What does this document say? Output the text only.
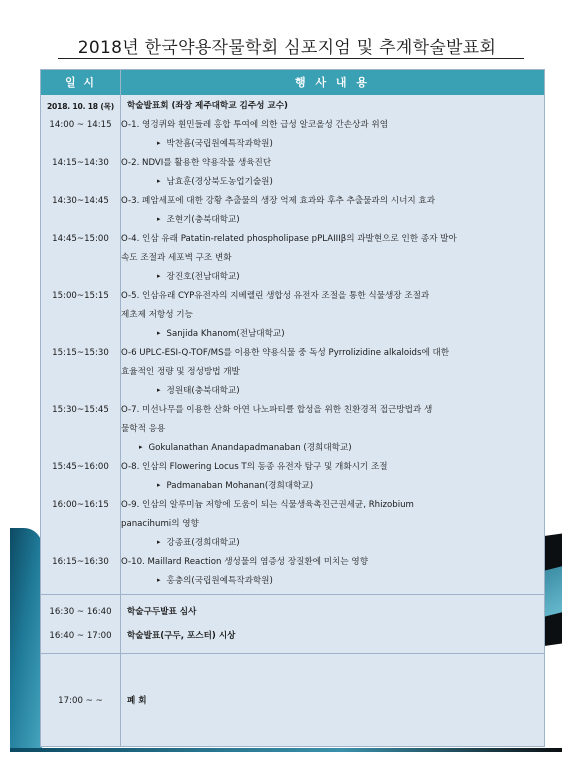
2018년 한국약용작물학회 심포지엄 및 추계학술발표회
일 시	행 사 내 용
2018. 10. 18 (목)	학술발표회 (좌장 제주대학교 김주성 교수)
14:00 ~ 14:15	O-1. 영겅퀴와 휜민들레 홍합 투여에 의한 급성 알코올성 간손상과 위염
▸ 박찬흠(국립원예특작과학원)
14:15~14:30	O-2. NDVI를 활용한 약용작물 생육진단
▸ 남효훈(경상북도농업기술원)
14:30~14:45	O-3. 폐암세포에 대한 강황 추출물의 생장 억제 효과와 후추 추출물과의 시너지 효과
▸ 조현기(충북대학교)
14:45~15:00	O-4. 인삼 유래 Patatin-related phospholipase pPLAIIIβ의 과발현으로 인한 종자 발아
속도 조절과 세포벽 구조 변화
▸ 장진호(전남대학교)
15:00~15:15	O-5. 인삼유래 CYP유전자의 지베렐린 생합성 유전자 조절을 통한 식물생장 조절과
제초제 저항성 기능
▸ Sanjida Khanom(전남대학교)
15:15~15:30	O-6 UPLC-ESI-Q-TOF/MS를 이용한 약용식물 중 독성 Pyrrolizidine alkaloids에 대한
효율적인 정량 및 정성방법 개발
▸ 정원태(충북대학교)
15:30~15:45	O-7. 미선나무를 이용한 산화 아연 나노파티클 합성을 위한 친환경적 접근방법과 생
물학적 응용
▸ Gokulanathan Anandapadmanaban (경희대학교)
15:45~16:00	O-8. 인삼의 Flowering Locus T의 동종 유전자 탐구 및 개화시기 조절
▸ Padmanaban Mohanan(경희대학교)
16:00~16:15	O-9. 인삼의 알루미늄 저항에 도움이 되는 식물생육촉진근권세균, Rhizobium
panacihumi의 영향
▸ 강종표(경희대학교)
16:15~16:30	O-10. Maillard Reaction 생성물의 염증성 장질환에 미치는 영향
▸ 홍충의(국립원예특작과학원)
16:30 ~ 16:40	학술구두발표 심사
16:40 ~ 17:00	학술발표(구두, 포스터) 시상
17:00 ~ ~	폐 회
